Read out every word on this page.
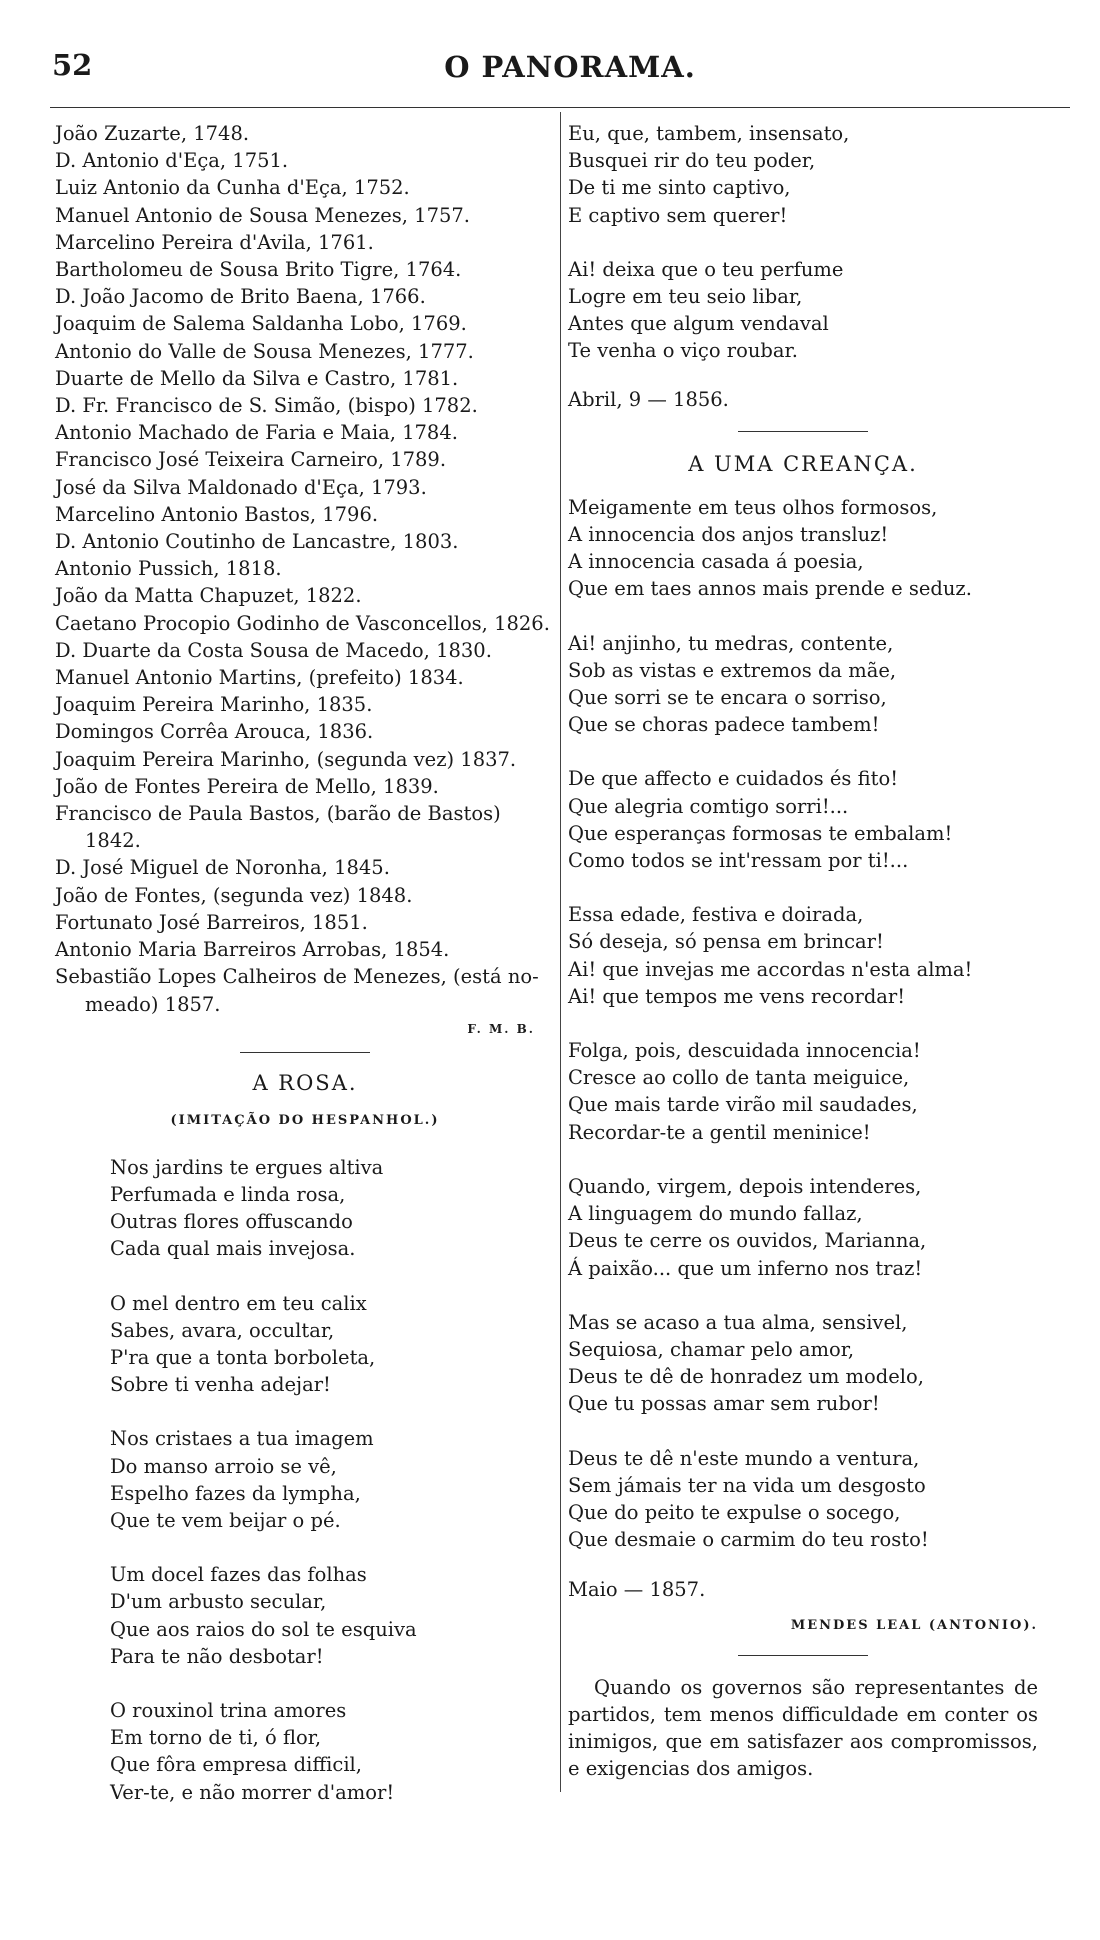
52	O PANORAMA.
João Zuzarte, 1748.
D. Antonio d'Eça, 1751.
Luiz Antonio da Cunha d'Eça, 1752.
Manuel Antonio de Sousa Menezes, 1757.
Marcelino Pereira d'Avila, 1761.
Bartholomeu de Sousa Brito Tigre, 1764.
D. João Jacomo de Brito Baena, 1766.
Joaquim de Salema Saldanha Lobo, 1769.
Antonio do Valle de Sousa Menezes, 1777.
Duarte de Mello da Silva e Castro, 1781.
D. Fr. Francisco de S. Simão, (bispo) 1782.
Antonio Machado de Faria e Maia, 1784.
Francisco José Teixeira Carneiro, 1789.
José da Silva Maldonado d'Eça, 1793.
Marcelino Antonio Bastos, 1796.
D. Antonio Coutinho de Lancastre, 1803.
Antonio Pussich, 1818.
João da Matta Chapuzet, 1822.
Caetano Procopio Godinho de Vasconcellos, 1826.
D. Duarte da Costa Sousa de Macedo, 1830.
Manuel Antonio Martins, (prefeito) 1834.
Joaquim Pereira Marinho, 1835.
Domingos Corrêa Arouca, 1836.
Joaquim Pereira Marinho, (segunda vez) 1837.
João de Fontes Pereira de Mello, 1839.
Francisco de Paula Bastos, (barão de Bastos)
1842.
D. José Miguel de Noronha, 1845.
João de Fontes, (segunda vez) 1848.
Fortunato José Barreiros, 1851.
Antonio Maria Barreiros Arrobas, 1854.
Sebastião Lopes Calheiros de Menezes, (está no-
meado) 1857.
F. M. B.
A ROSA.
(IMITAÇÃO DO HESPANHOL.)
Nos jardins te ergues altiva
Perfumada e linda rosa,
Outras flores offuscando
Cada qual mais invejosa.
O mel dentro em teu calix
Sabes, avara, occultar,
P'ra que a tonta borboleta,
Sobre ti venha adejar!
Nos cristaes a tua imagem
Do manso arroio se vê,
Espelho fazes da lympha,
Que te vem beijar o pé.
Um docel fazes das folhas
D'um arbusto secular,
Que aos raios do sol te esquiva
Para te não desbotar!
O rouxinol trina amores
Em torno de ti, ó flor,
Que fôra empresa difficil,
Ver-te, e não morrer d'amor!
Eu, que, tambem, insensato,
Busquei rir do teu poder,
De ti me sinto captivo,
E captivo sem querer!
Ai! deixa que o teu perfume
Logre em teu seio libar,
Antes que algum vendaval
Te venha o viço roubar.
Abril, 9 — 1856.
A UMA CREANÇA.
Meigamente em teus olhos formosos,
A innocencia dos anjos transluz!
A innocencia casada á poesia,
Que em taes annos mais prende e seduz.
Ai! anjinho, tu medras, contente,
Sob as vistas e extremos da mãe,
Que sorri se te encara o sorriso,
Que se choras padece tambem!
De que affecto e cuidados és fito!
Que alegria comtigo sorri!...
Que esperanças formosas te embalam!
Como todos se int'ressam por ti!...
Essa edade, festiva e doirada,
Só deseja, só pensa em brincar!
Ai! que invejas me accordas n'esta alma!
Ai! que tempos me vens recordar!
Folga, pois, descuidada innocencia!
Cresce ao collo de tanta meiguice,
Que mais tarde virão mil saudades,
Recordar-te a gentil meninice!
Quando, virgem, depois intenderes,
A linguagem do mundo fallaz,
Deus te cerre os ouvidos, Marianna,
Á paixão... que um inferno nos traz!
Mas se acaso a tua alma, sensivel,
Sequiosa, chamar pelo amor,
Deus te dê de honradez um modelo,
Que tu possas amar sem rubor!
Deus te dê n'este mundo a ventura,
Sem jámais ter na vida um desgosto
Que do peito te expulse o socego,
Que desmaie o carmim do teu rosto!
Maio — 1857.
MENDES LEAL (ANTONIO).
Quando os governos são representantes de partidos, tem menos difficuldade em conter os inimigos, que em satisfazer aos compromissos, e exigencias dos amigos.
